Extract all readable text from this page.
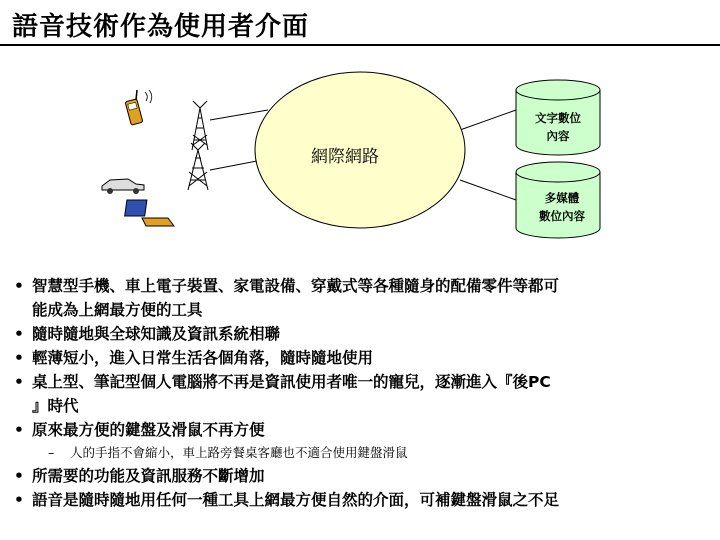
語音技術作為使用者介面
網際網路
文字數位
內容
多媒體
數位內容
• 智慧型手機、車上電子裝置、家電設備、穿戴式等各種隨身的配備零件等都可
能成為上網最方便的工具
• 隨時隨地與全球知識及資訊系統相聯
• 輕薄短小，進入日常生活各個角落，隨時隨地使用
• 桌上型、筆記型個人電腦將不再是資訊使用者唯一的寵兒，逐漸進入『後PC
』時代
• 原來最方便的鍵盤及滑鼠不再方便
– 人的手指不會縮小，車上路旁餐桌客廳也不適合使用鍵盤滑鼠
• 所需要的功能及資訊服務不斷增加
• 語音是隨時隨地用任何一種工具上網最方便自然的介面，可補鍵盤滑鼠之不足
